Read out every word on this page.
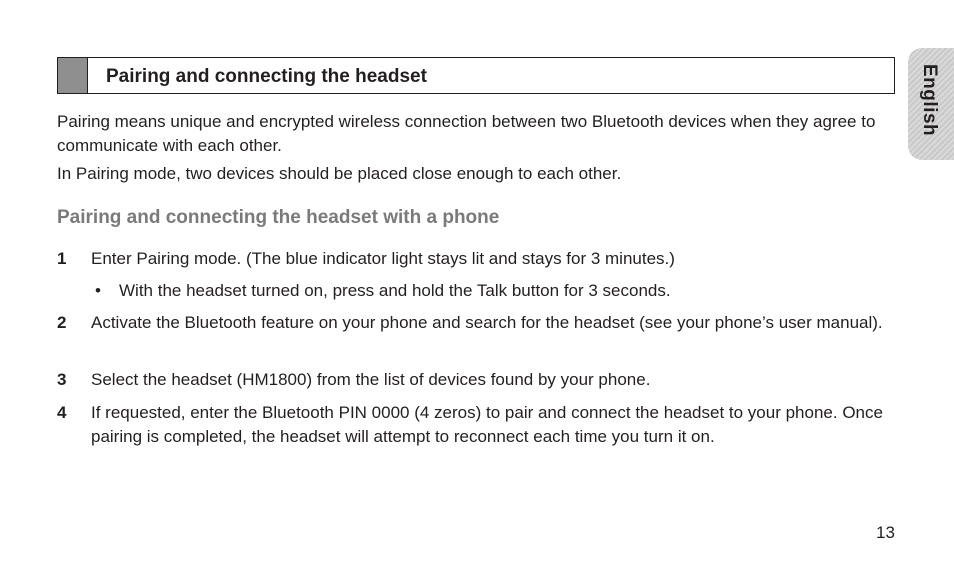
Pairing and connecting the headset	English

Pairing means unique and encrypted wireless connection between two Bluetooth devices when they agree to communicate with each other.

In Pairing mode, two devices should be placed close enough to each other.

Pairing and connecting the headset with a phone
1 Enter Pairing mode. (The blue indicator light stays lit and stays for 3 minutes.)
• With the headset turned on, press and hold the Talk button for 3 seconds.
2 Activate the Bluetooth feature on your phone and search for the headset (see your phone’s user manual).
3 Select the headset (HM1800) from the list of devices found by your phone.
4 If requested, enter the Bluetooth PIN 0000 (4 zeros) to pair and connect the headset to your phone. Once pairing is completed, the headset will attempt to reconnect each time you turn it on.
13
